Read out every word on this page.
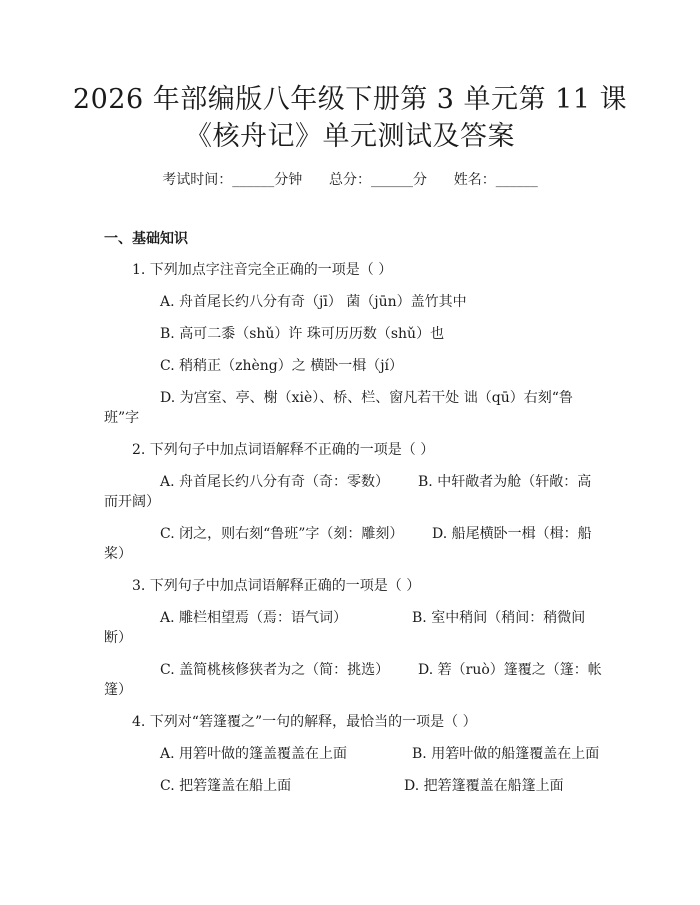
2026 年部编版八年级下册第 3 单元第 11 课
《核舟记》单元测试及答案
考试时间：______分钟 总分：______分 姓名：______
一、基础知识
1. 下列加点字注音完全正确的一项是（ ）
A. 舟首尾长约八分有奇（jī） 菌（jūn）盖竹其中
B. 高可二黍（shǔ）许 珠可历历数（shǔ）也
C. 稍稍正（zhèng）之 横卧一楫（jí）
D. 为宫室、亭、榭（xiè）、桥、栏、窗凡若干处 诎（qū）右刻“鲁
班”字
2. 下列句子中加点词语解释不正确的一项是（ ）
A. 舟首尾长约八分有奇（奇：零数） B. 中轩敞者为舱（轩敞：高
而开阔）
C. 闭之，则右刻“鲁班”字（刻：雕刻） D. 船尾横卧一楫（楫：船
桨）
3. 下列句子中加点词语解释正确的一项是（ ）
A. 雕栏相望焉（焉：语气词）	B. 室中稍间（稍间：稍微间
断）
C. 盖简桃核修狭者为之（简：挑选） D. 箬（ruò）篷覆之（篷：帐
篷）
4. 下列对“箬篷覆之”一句的解释，最恰当的一项是（ ）
A. 用箬叶做的篷盖覆盖在上面	B. 用箬叶做的船篷覆盖在上面
C. 把箬篷盖在船上面	D. 把箬篷覆盖在船篷上面
